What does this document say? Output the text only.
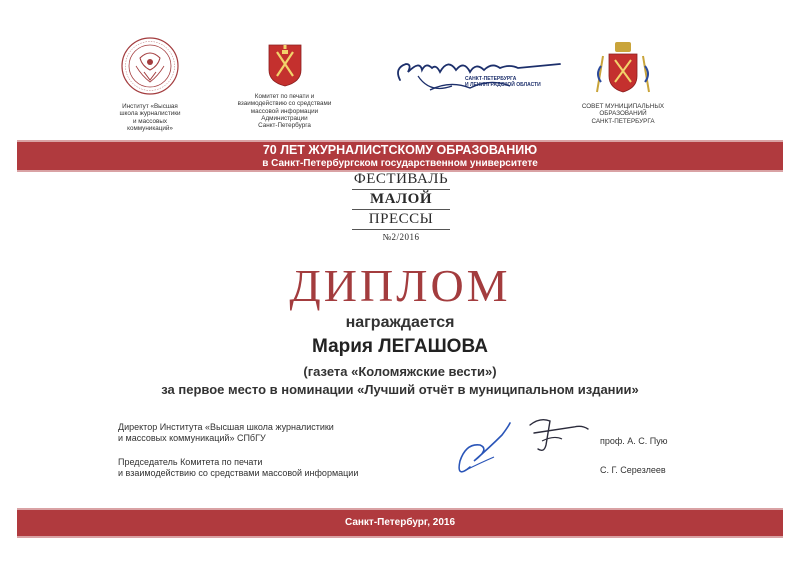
Институт «Высшая
школа журналистики
и массовых
коммуникаций»
Комитет по печати и
взаимодействию со средствами
массовой информации
Администрации
Санкт-Петербурга
САНКТ-ПЕТЕРБУРГА
И ЛЕНИНГРАДСКОЙ ОБЛАСТИ
СОВЕТ МУНИЦИПАЛЬНЫХ
ОБРАЗОВАНИЙ
САНКТ-ПЕТЕРБУРГА
70 ЛЕТ ЖУРНАЛИСТСКОМУ ОБРАЗОВАНИЮ
в Санкт-Петербургском государственном университете
ФЕСТИВАЛЬ
МАЛОЙ
ПРЕССЫ
№2/2016
ДИПЛОМ
награждается
Мария ЛЕГАШОВА
(газета «Коломяжские вести»)
за первое место в номинации «Лучший отчёт в муниципальном издании»
Директор Института «Высшая школа журналистики
и массовых коммуникаций» СПбГУ
Председатель Комитета по печати
и взаимодействию со средствами массовой информации
проф. А. С. Пую
С. Г. Серезлеев
Санкт-Петербург, 2016
